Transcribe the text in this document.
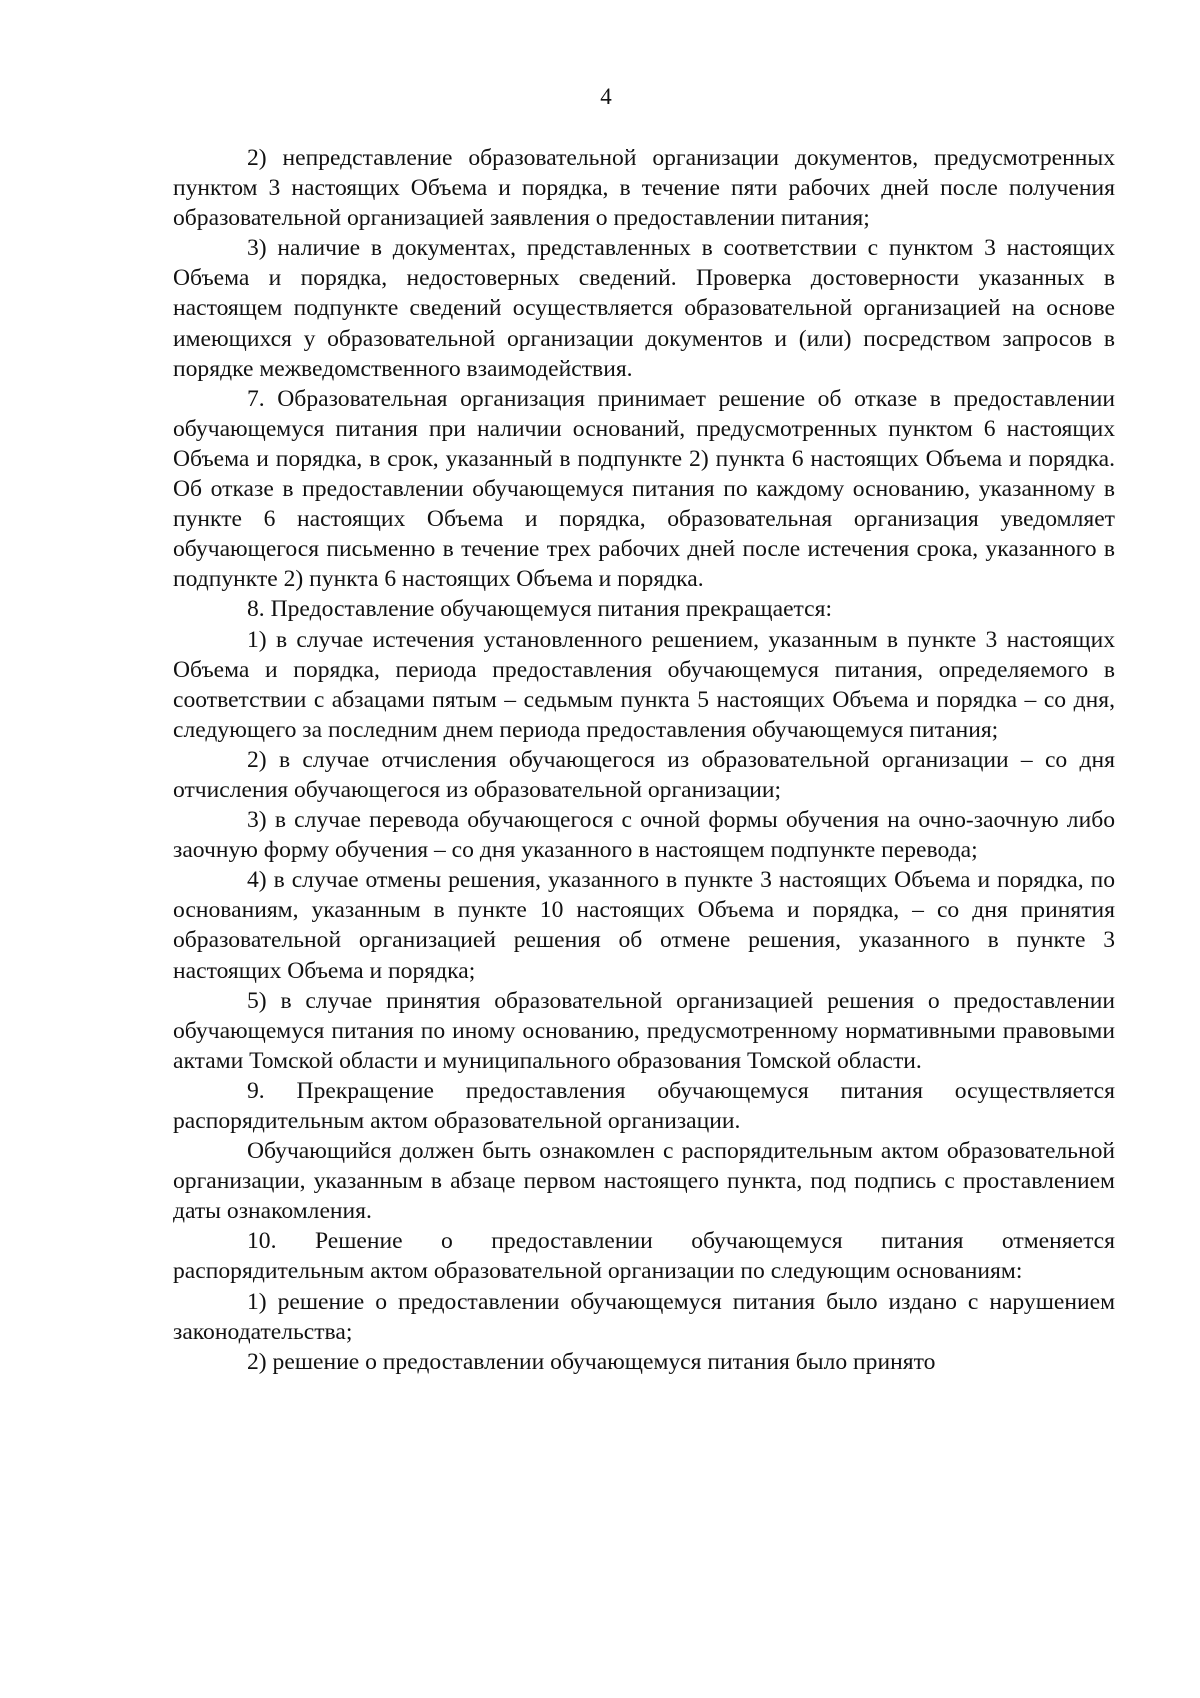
4

2) непредставление образовательной организации документов, предусмотренных пунктом 3 настоящих Объема и порядка, в течение пяти рабочих дней после получения образовательной организацией заявления о предоставлении питания;

3) наличие в документах, представленных в соответствии с пунктом 3 настоящих Объема и порядка, недостоверных сведений. Проверка достоверности указанных в настоящем подпункте сведений осуществляется образовательной организацией на основе имеющихся у образовательной организации документов и (или) посредством запросов в порядке межведомственного взаимодействия.

7. Образовательная организация принимает решение об отказе в предоставлении обучающемуся питания при наличии оснований, предусмотренных пунктом 6 настоящих Объема и порядка, в срок, указанный в подпункте 2) пункта 6 настоящих Объема и порядка. Об отказе в предоставлении обучающемуся питания по каждому основанию, указанному в пункте 6 настоящих Объема и порядка, образовательная организация уведомляет обучающегося письменно в течение трех рабочих дней после истечения срока, указанного в подпункте 2) пункта 6 настоящих Объема и порядка.

8. Предоставление обучающемуся питания прекращается:

1) в случае истечения установленного решением, указанным в пункте 3 настоящих Объема и порядка, периода предоставления обучающемуся питания, определяемого в соответствии с абзацами пятым – седьмым пункта 5 настоящих Объема и порядка – со дня, следующего за последним днем периода предоставления обучающемуся питания;

2) в случае отчисления обучающегося из образовательной организации – со дня отчисления обучающегося из образовательной организации;

3) в случае перевода обучающегося с очной формы обучения на очно-заочную либо заочную форму обучения – со дня указанного в настоящем подпункте перевода;

4) в случае отмены решения, указанного в пункте 3 настоящих Объема и порядка, по основаниям, указанным в пункте 10 настоящих Объема и порядка, – со дня принятия образовательной организацией решения об отмене решения, указанного в пункте 3 настоящих Объема и порядка;

5) в случае принятия образовательной организацией решения о предоставлении обучающемуся питания по иному основанию, предусмотренному нормативными правовыми актами Томской области и муниципального образования Томской области.

9. Прекращение предоставления обучающемуся питания осуществляется распорядительным актом образовательной организации.

Обучающийся должен быть ознакомлен с распорядительным актом образовательной организации, указанным в абзаце первом настоящего пункта, под подпись с проставлением даты ознакомления.

10. Решение о предоставлении обучающемуся питания отменяется распорядительным актом образовательной организации по следующим основаниям:

1) решение о предоставлении обучающемуся питания было издано с нарушением законодательства;

2) решение о предоставлении обучающемуся питания было принято
